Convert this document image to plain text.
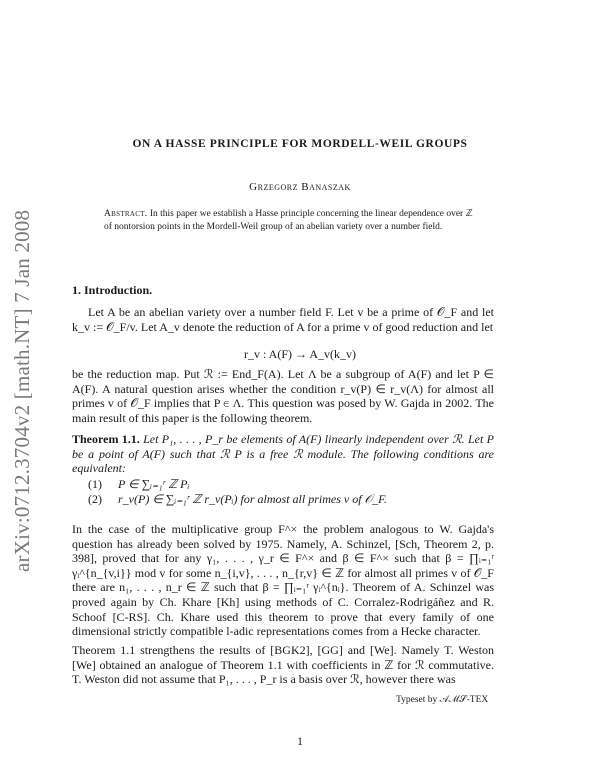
arXiv:0712.3704v2 [math.NT] 7 Jan 2008
ON A HASSE PRINCIPLE FOR MORDELL-WEIL GROUPS
Grzegorz Banaszak
Abstract. In this paper we establish a Hasse principle concerning the linear dependence over ℤ of nontorsion points in the Mordell-Weil group of an abelian variety over a number field.
1. Introduction.

Let A be an abelian variety over a number field F. Let v be a prime of 𝒪_F and let k_v := 𝒪_F/v. Let A_v denote the reduction of A for a prime v of good reduction and let

r_v : A(F) → A_v(k_v)

be the reduction map. Put ℛ := End_F(A). Let Λ be a subgroup of A(F) and let P ∈ A(F). A natural question arises whether the condition r_v(P) ∈ r_v(Λ) for almost all primes v of 𝒪_F implies that P ∈ Λ. This question was posed by W. Gajda in 2002. The main result of this paper is the following theorem.

Theorem 1.1. Let P₁, . . . , P_r be elements of A(F) linearly independent over ℛ. Let P be a point of A(F) such that ℛ P is a free ℛ module. The following conditions are equivalent:

(1) P ∈ ∑ᵢ₌₁ʳ ℤ Pᵢ
(2) r_v(P) ∈ ∑ᵢ₌₁ʳ ℤ r_v(Pᵢ) for almost all primes v of 𝒪_F.

In the case of the multiplicative group F^× the problem analogous to W. Gajda's question has already been solved by 1975. Namely, A. Schinzel, [Sch, Theorem 2, p. 398], proved that for any γ₁, . . . , γ_r ∈ F^× and β ∈ F^× such that β = ∏ᵢ₌₁ʳ γᵢ^{n_{v,i}} mod v for some n_{i,v}, . . . , n_{r,v} ∈ ℤ for almost all primes v of 𝒪_F there are n₁, . . . , n_r ∈ ℤ such that β = ∏ᵢ₌₁ʳ γᵢ^{nᵢ}. Theorem of A. Schinzel was proved again by Ch. Khare [Kh] using methods of C. Corralez-Rodrigáñez and R. Schoof [C-RS]. Ch. Khare used this theorem to prove that every family of one dimensional strictly compatible l-adic representations comes from a Hecke character.

Theorem 1.1 strengthens the results of [BGK2], [GG] and [We]. Namely T. Weston [We] obtained an analogue of Theorem 1.1 with coefficients in ℤ for ℛ commutative. T. Weston did not assume that P₁, . . . , P_r is a basis over ℛ, however there was

Typeset by 𝒜ℳ𝒮-TEX
1
